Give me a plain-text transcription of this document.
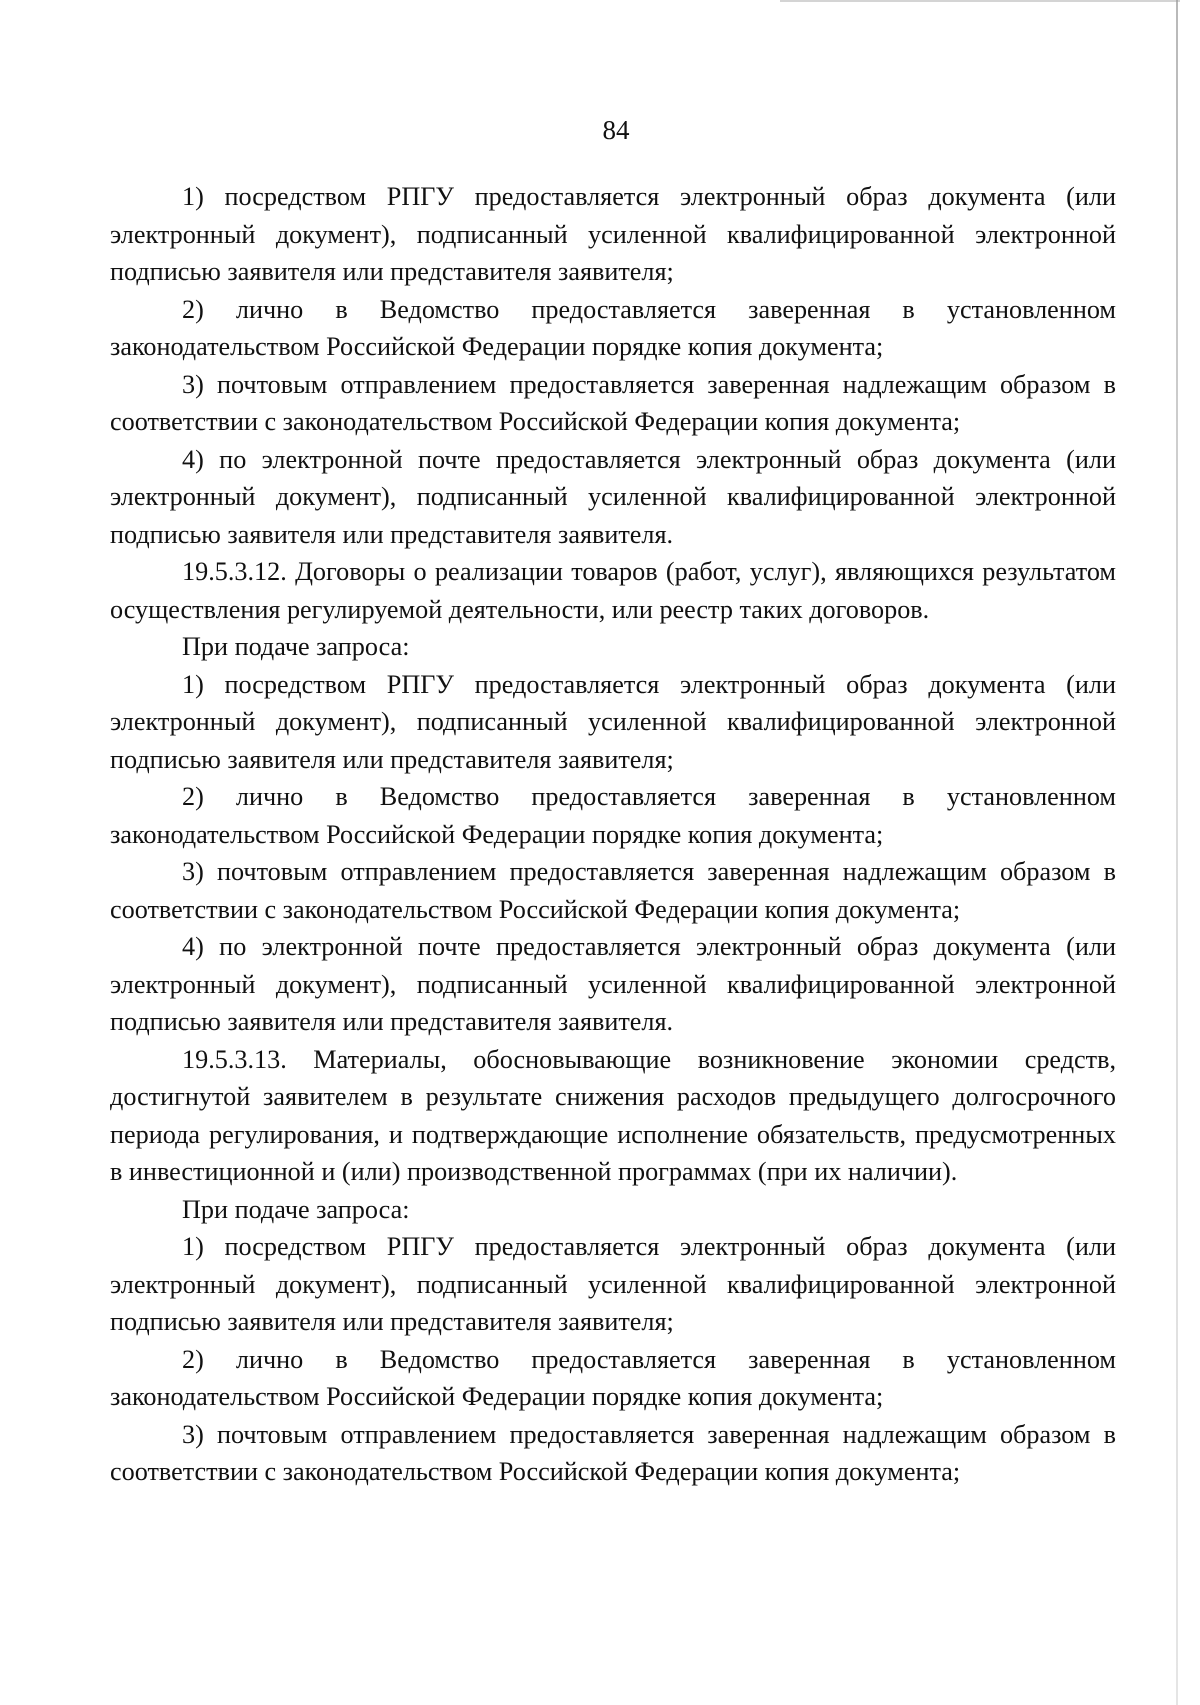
84

1) посредством РПГУ предоставляется электронный образ документа (или электронный документ), подписанный усиленной квалифицированной электронной подписью заявителя или представителя заявителя;

2) лично в Ведомство предоставляется заверенная в установленном законодательством Российской Федерации порядке копия документа;

3) почтовым отправлением предоставляется заверенная надлежащим образом в соответствии с законодательством Российской Федерации копия документа;

4) по электронной почте предоставляется электронный образ документа (или электронный документ), подписанный усиленной квалифицированной электронной подписью заявителя или представителя заявителя.

19.5.3.12. Договоры о реализации товаров (работ, услуг), являющихся результатом осуществления регулируемой деятельности, или реестр таких договоров.

При подаче запроса:

1) посредством РПГУ предоставляется электронный образ документа (или электронный документ), подписанный усиленной квалифицированной электронной подписью заявителя или представителя заявителя;

2) лично в Ведомство предоставляется заверенная в установленном законодательством Российской Федерации порядке копия документа;

3) почтовым отправлением предоставляется заверенная надлежащим образом в соответствии с законодательством Российской Федерации копия документа;

4) по электронной почте предоставляется электронный образ документа (или электронный документ), подписанный усиленной квалифицированной электронной подписью заявителя или представителя заявителя.

19.5.3.13. Материалы, обосновывающие возникновение экономии средств, достигнутой заявителем в результате снижения расходов предыдущего долгосрочного периода регулирования, и подтверждающие исполнение обязательств, предусмотренных в инвестиционной и (или) производственной программах (при их наличии).

При подаче запроса:

1) посредством РПГУ предоставляется электронный образ документа (или электронный документ), подписанный усиленной квалифицированной электронной подписью заявителя или представителя заявителя;

2) лично в Ведомство предоставляется заверенная в установленном законодательством Российской Федерации порядке копия документа;

3) почтовым отправлением предоставляется заверенная надлежащим образом в соответствии с законодательством Российской Федерации копия документа;
